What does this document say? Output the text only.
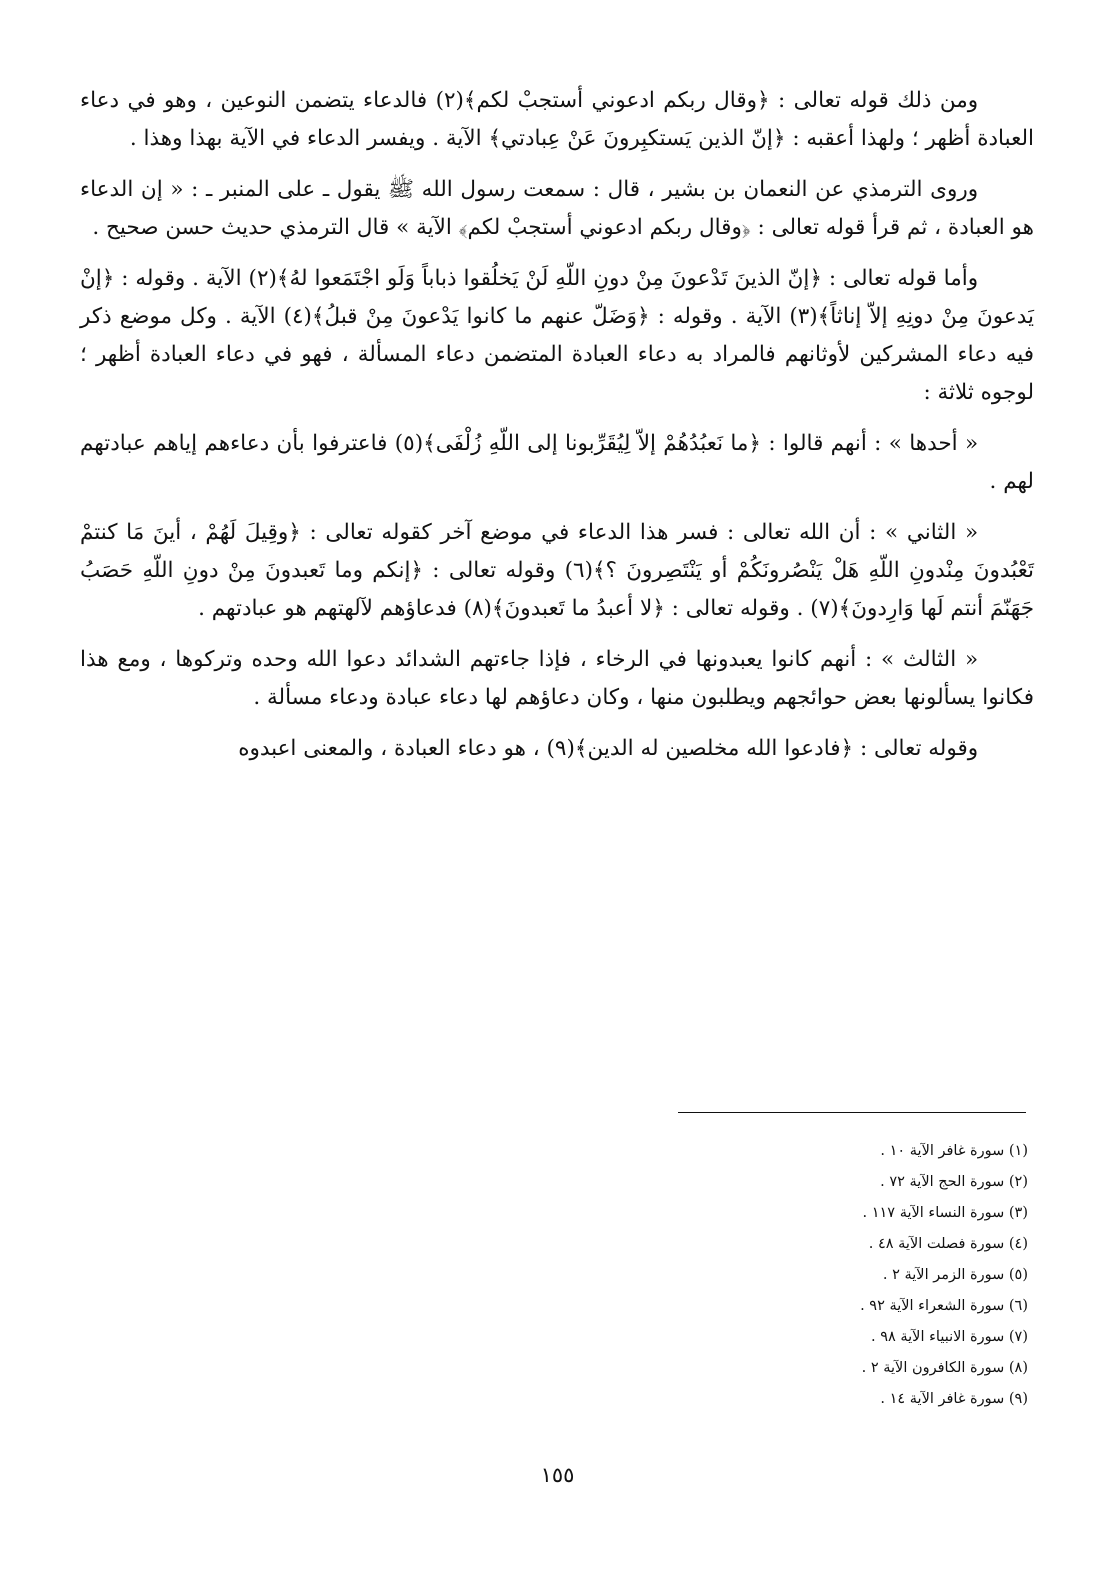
ومن ذلك قوله تعالى : ﴿وقال ربكم ادعوني أستجبْ لكم﴾(٢) فالدعاء يتضمن النوعين ، وهو في دعاء العبادة أظهر ؛ ولهذا أعقبه : ﴿إنّ الذين يَستكبِرونَ عَنْ عِبادتي﴾ الآية . ويفسر الدعاء في الآية بهذا وهذا .

وروى الترمذي عن النعمان بن بشير ، قال : سمعت رسول الله ﷺ يقول ـ على المنبر ـ : « إن الدعاء هو العبادة ، ثم قرأ قوله تعالى : ﴿وقال ربكم ادعوني أستجبْ لكم﴾ الآية » قال الترمذي حديث حسن صحيح .

وأما قوله تعالى : ﴿إنّ الذينَ تَدْعونَ مِنْ دونِ اللّهِ لَنْ يَخلُقوا ذباباً وَلَو اجْتَمَعوا لهُ﴾(٢) الآية . وقوله : ﴿إنْ يَدعونَ مِنْ دونِهِ إلاّ إناثاً﴾(٣) الآية . وقوله : ﴿وَضَلّ عنهم ما كانوا يَدْعونَ مِنْ قبلُ﴾(٤) الآية . وكل موضع ذكر فيه دعاء المشركين لأوثانهم فالمراد به دعاء العبادة المتضمن دعاء المسألة ، فهو في دعاء العبادة أظهر ؛ لوجوه ثلاثة :

« أحدها » : أنهم قالوا : ﴿ما نَعبُدُهُمْ إلاّ لِيُقَرِّبونا إلى اللّهِ زُلْفَى﴾(٥) فاعترفوا بأن دعاءهم إياهم عبادتهم لهم .

« الثاني » : أن الله تعالى : فسر هذا الدعاء في موضع آخر كقوله تعالى : ﴿وقِيلَ لَهُمْ ، أينَ مَا كنتمْ تَعْبُدونَ مِنْدونِ اللّهِ هَلْ يَنْصُرونَكُمْ أو يَنْتَصِرونَ ؟﴾(٦) وقوله تعالى : ﴿إنكم وما تَعبدونَ مِنْ دونِ اللّهِ حَصَبُ جَهَنّمَ أنتم لَها وَارِدونَ﴾(٧) . وقوله تعالى : ﴿لا أعبدُ ما تَعبدونَ﴾(٨) فدعاؤهم لآلهتهم هو عبادتهم .

« الثالث » : أنهم كانوا يعبدونها في الرخاء ، فإذا جاءتهم الشدائد دعوا الله وحده وتركوها ، ومع هذا فكانوا يسألونها بعض حوائجهم ويطلبون منها ، وكان دعاؤهم لها دعاء عبادة ودعاء مسألة .

وقوله تعالى : ﴿فادعوا الله مخلصين له الدين﴾(٩) ، هو دعاء العبادة ، والمعنى اعبدوه

(١) سورة غافر الآية ١٠ .
(٢) سورة الحج الآية ٧٢ .
(٣) سورة النساء الآية ١١٧ .
(٤) سورة فصلت الآية ٤٨ .
(٥) سورة الزمر الآية ٢ .
(٦) سورة الشعراء الآية ٩٢ .
(٧) سورة الانبياء الآية ٩٨ .
(٨) سورة الكافرون الآية ٢ .
(٩) سورة غافر الآية ١٤ .
١٥٥
